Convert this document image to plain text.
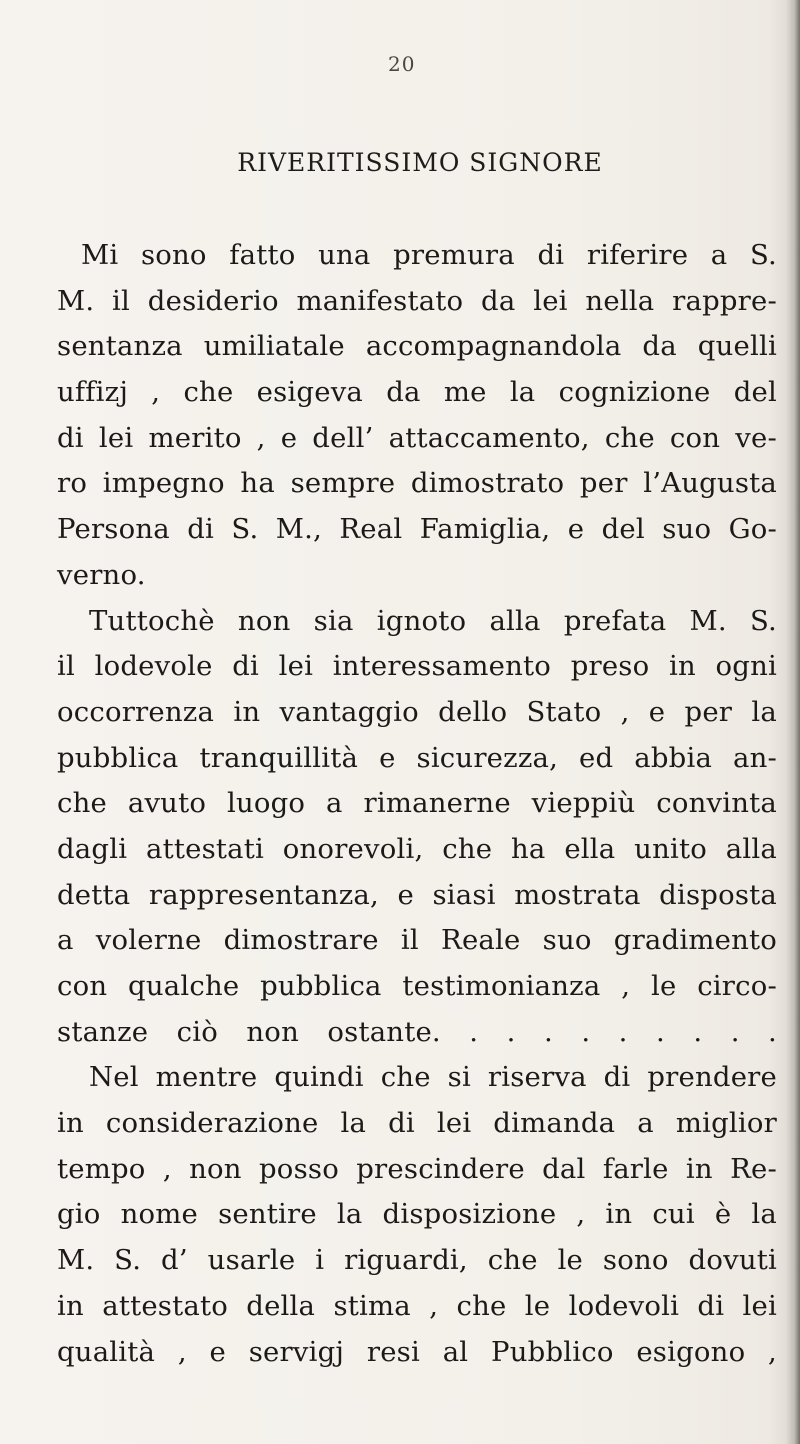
20
RIVERITISSIMO SIGNORE
Mi sono fatto una premura di riferire a S.
M. il desiderio manifestato da lei nella rappre-
sentanza umiliatale accompagnandola da quelli
uffizj , che esigeva da me la cognizione del
di lei merito , e dell’ attaccamento, che con ve-
ro impegno ha sempre dimostrato per l’Augusta
Persona di S. M., Real Famiglia, e del suo Go-
verno.
Tuttochè non sia ignoto alla prefata M. S.
il lodevole di lei interessamento preso in ogni
occorrenza in vantaggio dello Stato , e per la
pubblica tranquillità e sicurezza, ed abbia an-
che avuto luogo a rimanerne vieppiù convinta
dagli attestati onorevoli, che ha ella unito alla
detta rappresentanza, e siasi mostrata disposta
a volerne dimostrare il Reale suo gradimento
con qualche pubblica testimonianza , le circo-
stanze ciò non ostante. . . . . . . . . .
Nel mentre quindi che si riserva di prendere
in considerazione la di lei dimanda a miglior
tempo , non posso prescindere dal farle in Re-
gio nome sentire la disposizione , in cui è la
M. S. d’ usarle i riguardi, che le sono dovuti
in attestato della stima , che le lodevoli di lei
qualità , e servigj resi al Pubblico esigono ,
